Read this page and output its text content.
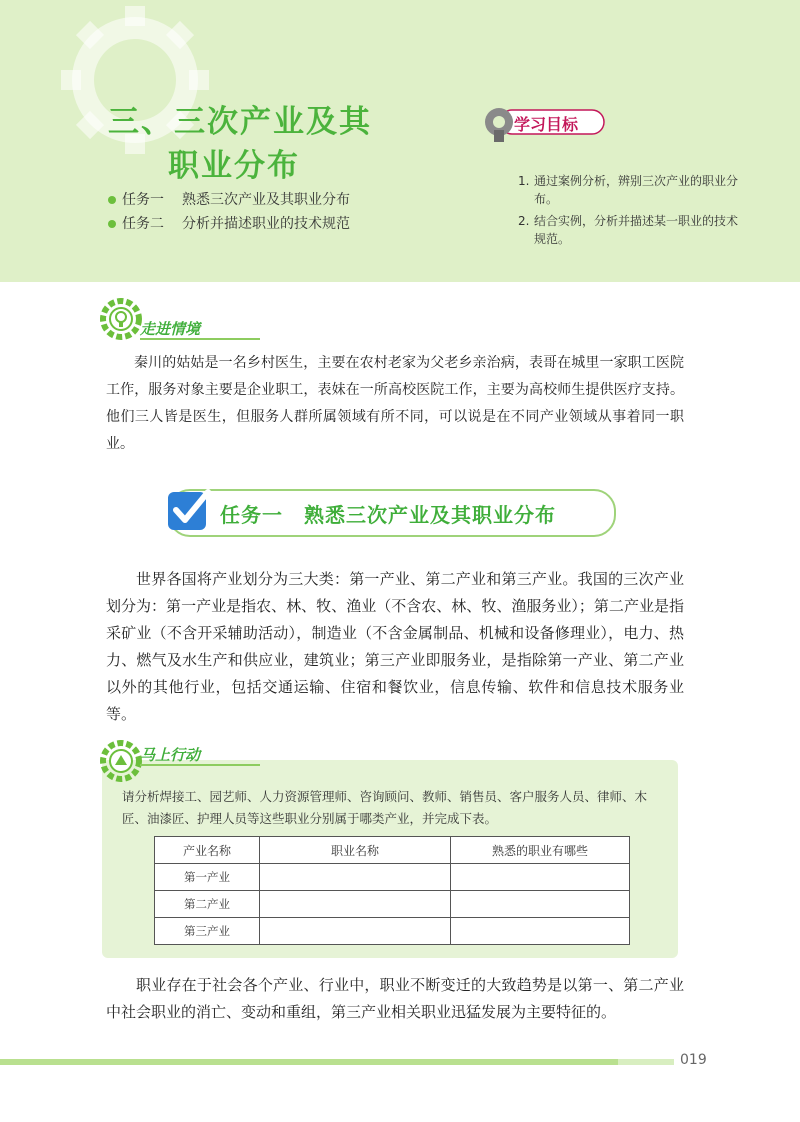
三、三次产业及其
职业分布
任务一 熟悉三次产业及其职业分布
任务二 分析并描述职业的技术规范
学习目标
1. 通过案例分析，辨别三次产业的职业分布。
2. 结合实例，分析并描述某一职业的技术规范。
走进情境
秦川的姑姑是一名乡村医生，主要在农村老家为父老乡亲治病，表哥在城里一家职工医院工作，服务对象主要是企业职工，表妹在一所高校医院工作，主要为高校师生提供医疗支持。他们三人皆是医生，但服务人群所属领域有所不同，可以说是在不同产业领域从事着同一职业。
任务一　熟悉三次产业及其职业分布
世界各国将产业划分为三大类：第一产业、第二产业和第三产业。我国的三次产业划分为：第一产业是指农、林、牧、渔业（不含农、林、牧、渔服务业）；第二产业是指采矿业（不含开采辅助活动），制造业（不含金属制品、机械和设备修理业），电力、热力、燃气及水生产和供应业，建筑业；第三产业即服务业，是指除第一产业、第二产业以外的其他行业，包括交通运输、住宿和餐饮业，信息传输、软件和信息技术服务业等。
马上行动
请分析焊接工、园艺师、人力资源管理师、咨询顾问、教师、销售员、客户服务人员、律师、木匠、油漆匠、护理人员等这些职业分别属于哪类产业，并完成下表。
产业名称	职业名称	熟悉的职业有哪些
第一产业		
第二产业		
第三产业		
职业存在于社会各个产业、行业中，职业不断变迁的大致趋势是以第一、第二产业中社会职业的消亡、变动和重组，第三产业相关职业迅猛发展为主要特征的。
019
